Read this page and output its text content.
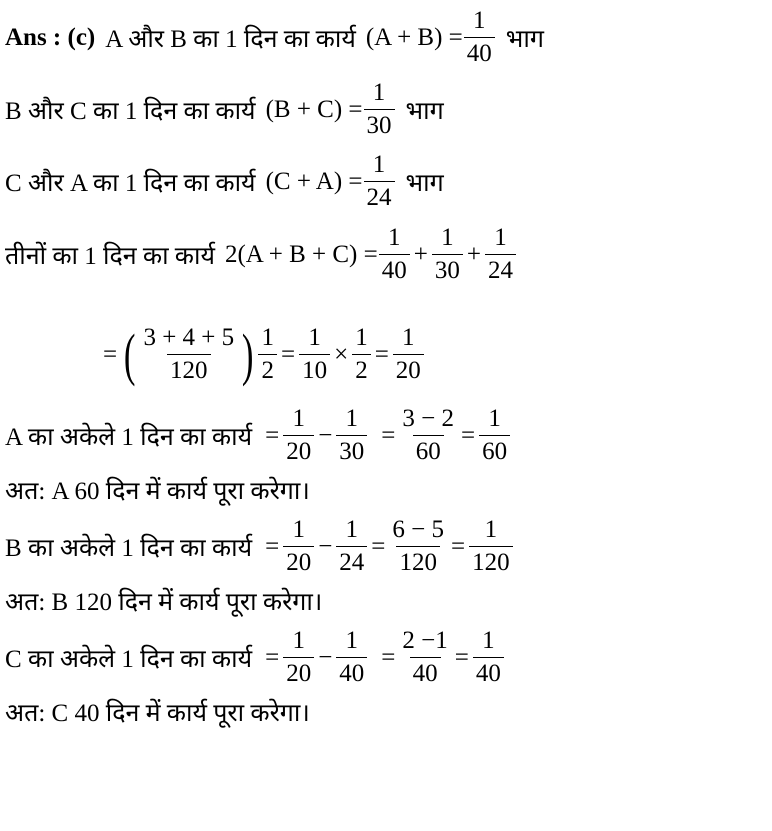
Ans : (c) A और B का 1 दिन का कार्य $(A + B) = \frac{1}{40}$ भाग
B और C का 1 दिन का कार्य $(B + C) = \frac{1}{30}$ भाग
C और A का 1 दिन का कार्य $(C + A) = \frac{1}{24}$ भाग
तीनों का 1 दिन का कार्य $2(A + B + C) = \frac{1}{40} + \frac{1}{30} + \frac{1}{24}$
= ( $\frac{3 + 4 + 5}{120}$ ) $\frac{1}{2} = \frac{1}{10} \times \frac{1}{2} = \frac{1}{20}$
A का अकेले 1 दिन का कार्य = $\frac{1}{20} - \frac{1}{30} = \frac{3 - 2}{60} = \frac{1}{60}$
अत: A 60 दिन में कार्य पूरा करेगा।
B का अकेले 1 दिन का कार्य = $\frac{1}{20} - \frac{1}{24} = \frac{6 - 5}{120} = \frac{1}{120}$
अत: B 120 दिन में कार्य पूरा करेगा।
C का अकेले 1 दिन का कार्य = $\frac{1}{20} - \frac{1}{40} = \frac{2 -1}{40} = \frac{1}{40}$
अत: C 40 दिन में कार्य पूरा करेगा।
